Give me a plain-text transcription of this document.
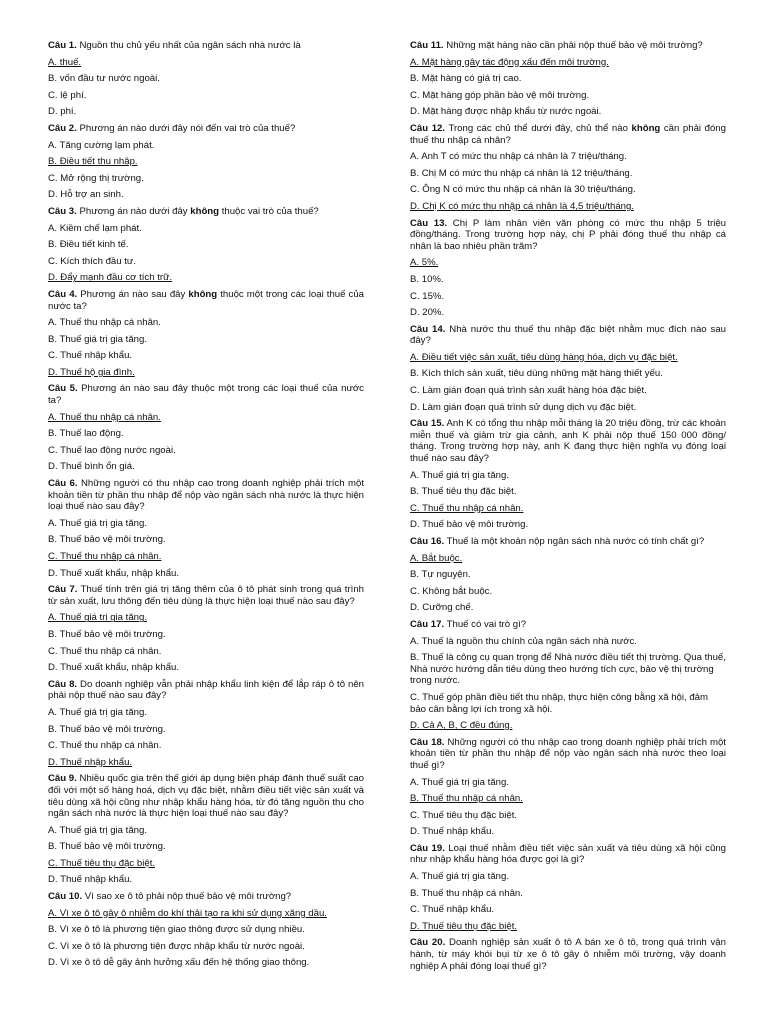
Câu 1. Nguồn thu chủ yếu nhất của ngân sách nhà nước là
A. thuế.
B. vốn đầu tư nước ngoài.
C. lệ phí.
D. phí.
Câu 2. Phương án nào dưới đây nói đến vai trò của thuế?
A. Tăng cường lạm phát.
B. Điều tiết thu nhập.
C. Mở rộng thị trường.
D. Hỗ trợ an sinh.
Câu 3. Phương án nào dưới đây không thuộc vai trò của thuế?
A. Kiềm chế lạm phát.
B. Điều tiết kinh tế.
C. Kích thích đầu tư.
D. Đẩy mạnh đầu cơ tích trữ.
Câu 4. Phương án nào sau đây không thuộc một trong các loại thuế của nước ta?
A. Thuế thu nhập cá nhân.
B. Thuế giá trị gia tăng.
C. Thuế nhập khẩu.
D. Thuế hộ gia đình.
Câu 5. Phương án nào sau đây thuộc một trong các loại thuế của nước ta?
A. Thuế thu nhập cá nhân.
B. Thuế lao động.
C. Thuế lao động nước ngoài.
D. Thuế bình ổn giá.
Câu 6. Những người có thu nhập cao trong doanh nghiệp phải trích một khoản tiền từ phần thu nhập để nộp vào ngân sách nhà nước là thực hiện loại thuế nào sau đây?
A. Thuế giá trị gia tăng.
B. Thuế bảo vệ môi trường.
C. Thuế thu nhập cá nhân.
D. Thuế xuất khẩu, nhập khẩu.
Câu 7. Thuế tính trên giá trị tăng thêm của ô tô phát sinh trong quá trình từ sản xuất, lưu thông đến tiêu dùng là thực hiện loại thuế nào sau đây?
A. Thuế giá trị gia tăng.
B. Thuế bảo vệ môi trường.
C. Thuế thu nhập cá nhân.
D. Thuế xuất khẩu, nhập khẩu.
Câu 8. Do doanh nghiệp vẫn phải nhập khẩu linh kiện để lắp ráp ô tô nên phải nộp thuế nào sau đây?
A. Thuế giá trị gia tăng.
B. Thuế bảo vệ môi trường.
C. Thuế thu nhập cá nhân.
D. Thuế nhập khẩu.
Câu 9. Nhiều quốc gia trên thế giới áp dụng biện pháp đánh thuế suất cao đối với một số hàng hoá, dịch vụ đặc biệt, nhằm điều tiết việc sản xuất và tiêu dùng xã hội cũng như nhập khẩu hàng hóa, từ đó tăng nguồn thu cho ngân sách nhà nước là thực hiện loại thuế nào sau đây?
A. Thuế giá trị gia tăng.
B. Thuế bảo vệ môi trường.
C. Thuế tiêu thụ đặc biệt.
D. Thuế nhập khẩu.
Câu 10. Vì sao xe ô tô phải nộp thuế bảo vệ môi trường?
A. Vì xe ô tô gây ô nhiễm do khí thải tạo ra khi sử dụng xăng dầu.
B. Vì xe ô tô là phương tiện giao thông được sử dụng nhiều.
C. Vì xe ô tô là phương tiện được nhập khẩu từ nước ngoài.
D. Vì xe ô tô dễ gây ảnh hưởng xấu đến hệ thống giao thông.
Câu 11. Những mặt hàng nào cần phải nộp thuế bảo vệ môi trường?
A. Mặt hàng gây tác động xấu đến môi trường.
B. Mặt hàng có giá trị cao.
C. Mặt hàng góp phần bảo vệ môi trường.
D. Mặt hàng được nhập khẩu từ nước ngoài.
Câu 12. Trong các chủ thể dưới đây, chủ thể nào không cần phải đóng thuế thu nhập cá nhân?
A. Anh T có mức thu nhập cá nhân là 7 triệu/tháng.
B. Chị M có mức thu nhập cá nhân là 12 triệu/tháng.
C. Ông N có mức thu nhập cá nhân là 30 triệu/tháng.
D. Chị K có mức thu nhập cá nhân là 4,5 triệu/tháng.
Câu 13. Chị P làm nhân viên văn phòng có mức thu nhập 5 triệu đồng/tháng. Trong trường hợp này, chị P phải đóng thuế thu nhập cá nhân là bao nhiêu phần trăm?
A. 5%.
B. 10%.
C. 15%.
D. 20%.
Câu 14. Nhà nước thu thuế thu nhập đặc biệt nhằm mục đích nào sau đây?
A. Điều tiết việc sản xuất, tiêu dùng hàng hóa, dịch vụ đặc biệt.
B. Kích thích sản xuất, tiêu dùng những mặt hàng thiết yếu.
C. Làm gián đoạn quá trình sản xuất hàng hóa đặc biệt.
D. Làm gián đoạn quá trình sử dụng dịch vụ đặc biệt.
Câu 15. Anh K có tổng thu nhập mỗi tháng là 20 triệu đồng, trừ các khoản miễn thuế và giảm trừ gia cảnh, anh K phải nộp thuế 150 000 đồng/ tháng. Trong trường hợp này, anh K đang thực hiện nghĩa vụ đóng loại thuế nào sau đây?
A. Thuế giá trị gia tăng.
B. Thuế tiêu thụ đặc biệt.
C. Thuế thu nhập cá nhân.
D. Thuế bảo vệ môi trường.
Câu 16. Thuế là một khoản nộp ngân sách nhà nước có tính chất gì?
A. Bắt buộc.
B. Tự nguyện.
C. Không bắt buộc.
D. Cưỡng chế.
Câu 17. Thuế có vai trò gì?
A. Thuế là nguồn thu chính của ngân sách nhà nước.
B. Thuế là công cụ quan trọng để Nhà nước điều tiết thị trường. Qua thuế, Nhà nước hướng dẫn tiêu dùng theo hướng tích cực, bảo vệ thị trường trong nước.
C. Thuế góp phần điều tiết thu nhập, thực hiện công bằng xã hội, đảm bảo cân bằng lợi ích trong xã hội.
D. Cả A, B, C đều đúng.
Câu 18. Những người có thu nhập cao trong doanh nghiệp phải trích một khoản tiền từ phần thu nhập để nộp vào ngân sách nhà nước theo loại thuế gì?
A. Thuế giá trị gia tăng.
B. Thuế thu nhập cá nhân.
C. Thuế tiêu thụ đặc biệt.
D. Thuế nhập khẩu.
Câu 19. Loại thuế nhằm điều tiết việc sản xuất và tiêu dùng xã hội cũng như nhập khẩu hàng hóa được gọi là gì?
A. Thuế giá trị gia tăng.
B. Thuế thu nhập cá nhân.
C. Thuế nhập khẩu.
D. Thuế tiêu thụ đặc biệt.
Câu 20. Doanh nghiệp sản xuất ô tô A bán xe ô tô, trong quá trình vận hành, từ máy khói bụi từ xe ô tô gây ô nhiễm môi trường, vậy doanh nghiệp A phải đóng loại thuế gì?
